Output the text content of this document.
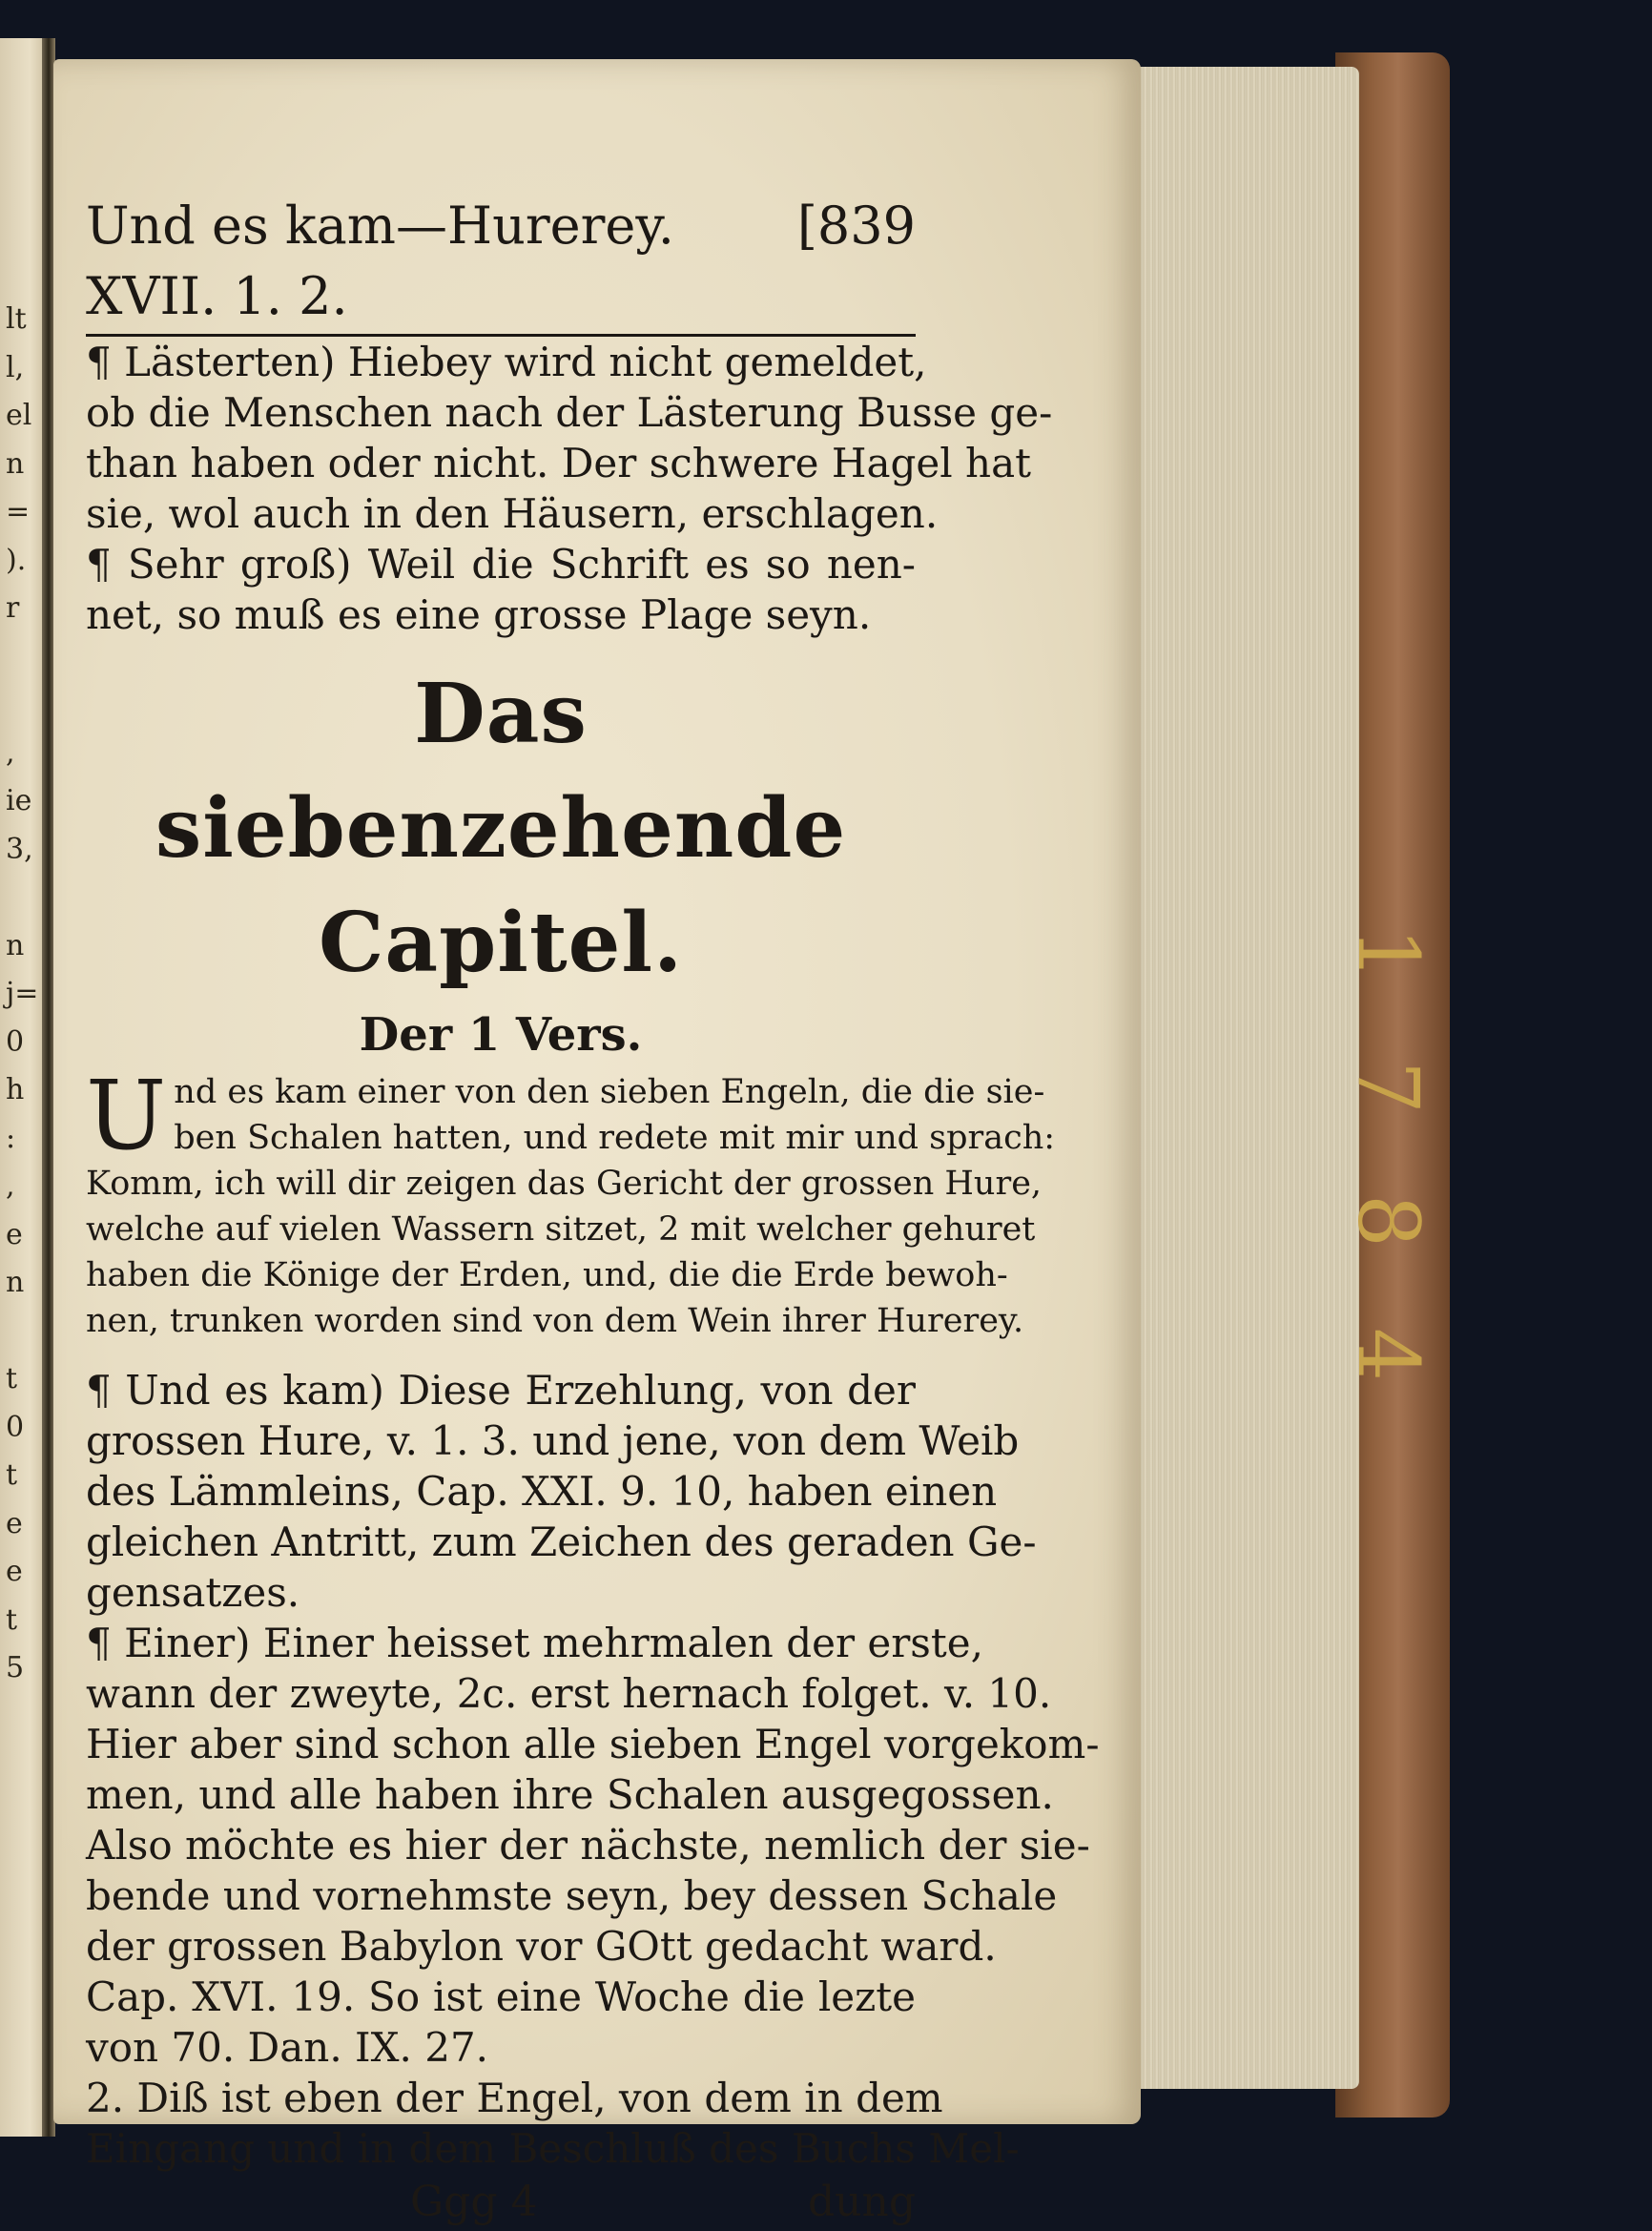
lt
l,
el
n
=
).
r
,
ie
3,
n
j=
0
h
:
,
e
n
t
0
t
e
e
t
5
1
7
8
4
Und es kam—Hurerey. XVII. 1. 2.
[839
¶ Lästerten) Hiebey wird nicht gemeldet,
ob die Menschen nach der Lästerung Busse ge-
than haben oder nicht. Der schwere Hagel hat
sie, wol auch in den Häusern, erschlagen.
¶ Sehr groß) Weil die Schrift es so nen-
net, so muß es eine grosse Plage seyn.
Das siebenzehende Capitel.
Der 1 Vers.
U nd es kam einer von den sieben Engeln, die die sie-
ben Schalen hatten, und redete mit mir und sprach:
Komm, ich will dir zeigen das Gericht der grossen Hure,
welche auf vielen Wassern sitzet, 2 mit welcher gehuret
haben die Könige der Erden, und, die die Erde bewoh-
nen, trunken worden sind von dem Wein ihrer Hurerey.
¶ Und es kam) Diese Erzehlung, von der
grossen Hure, v. 1. 3. und jene, von dem Weib
des Lämmleins, Cap. XXI. 9. 10, haben einen
gleichen Antritt, zum Zeichen des geraden Ge-
gensatzes.
¶ Einer) Einer heisset mehrmalen der erste,
wann der zweyte, 2c. erst hernach folget. v. 10.
Hier aber sind schon alle sieben Engel vorgekom-
men, und alle haben ihre Schalen ausgegossen.
Also möchte es hier der nächste, nemlich der sie-
bende und vornehmste seyn, bey dessen Schale
der grossen Babylon vor GOtt gedacht ward.
Cap. XVI. 19. So ist eine Woche die lezte
von 70. Dan. IX. 27.
2. Diß ist eben der Engel, von dem in dem
Eingang und in dem Beschluß des Buchs Mel-
Ggg 4	dung
